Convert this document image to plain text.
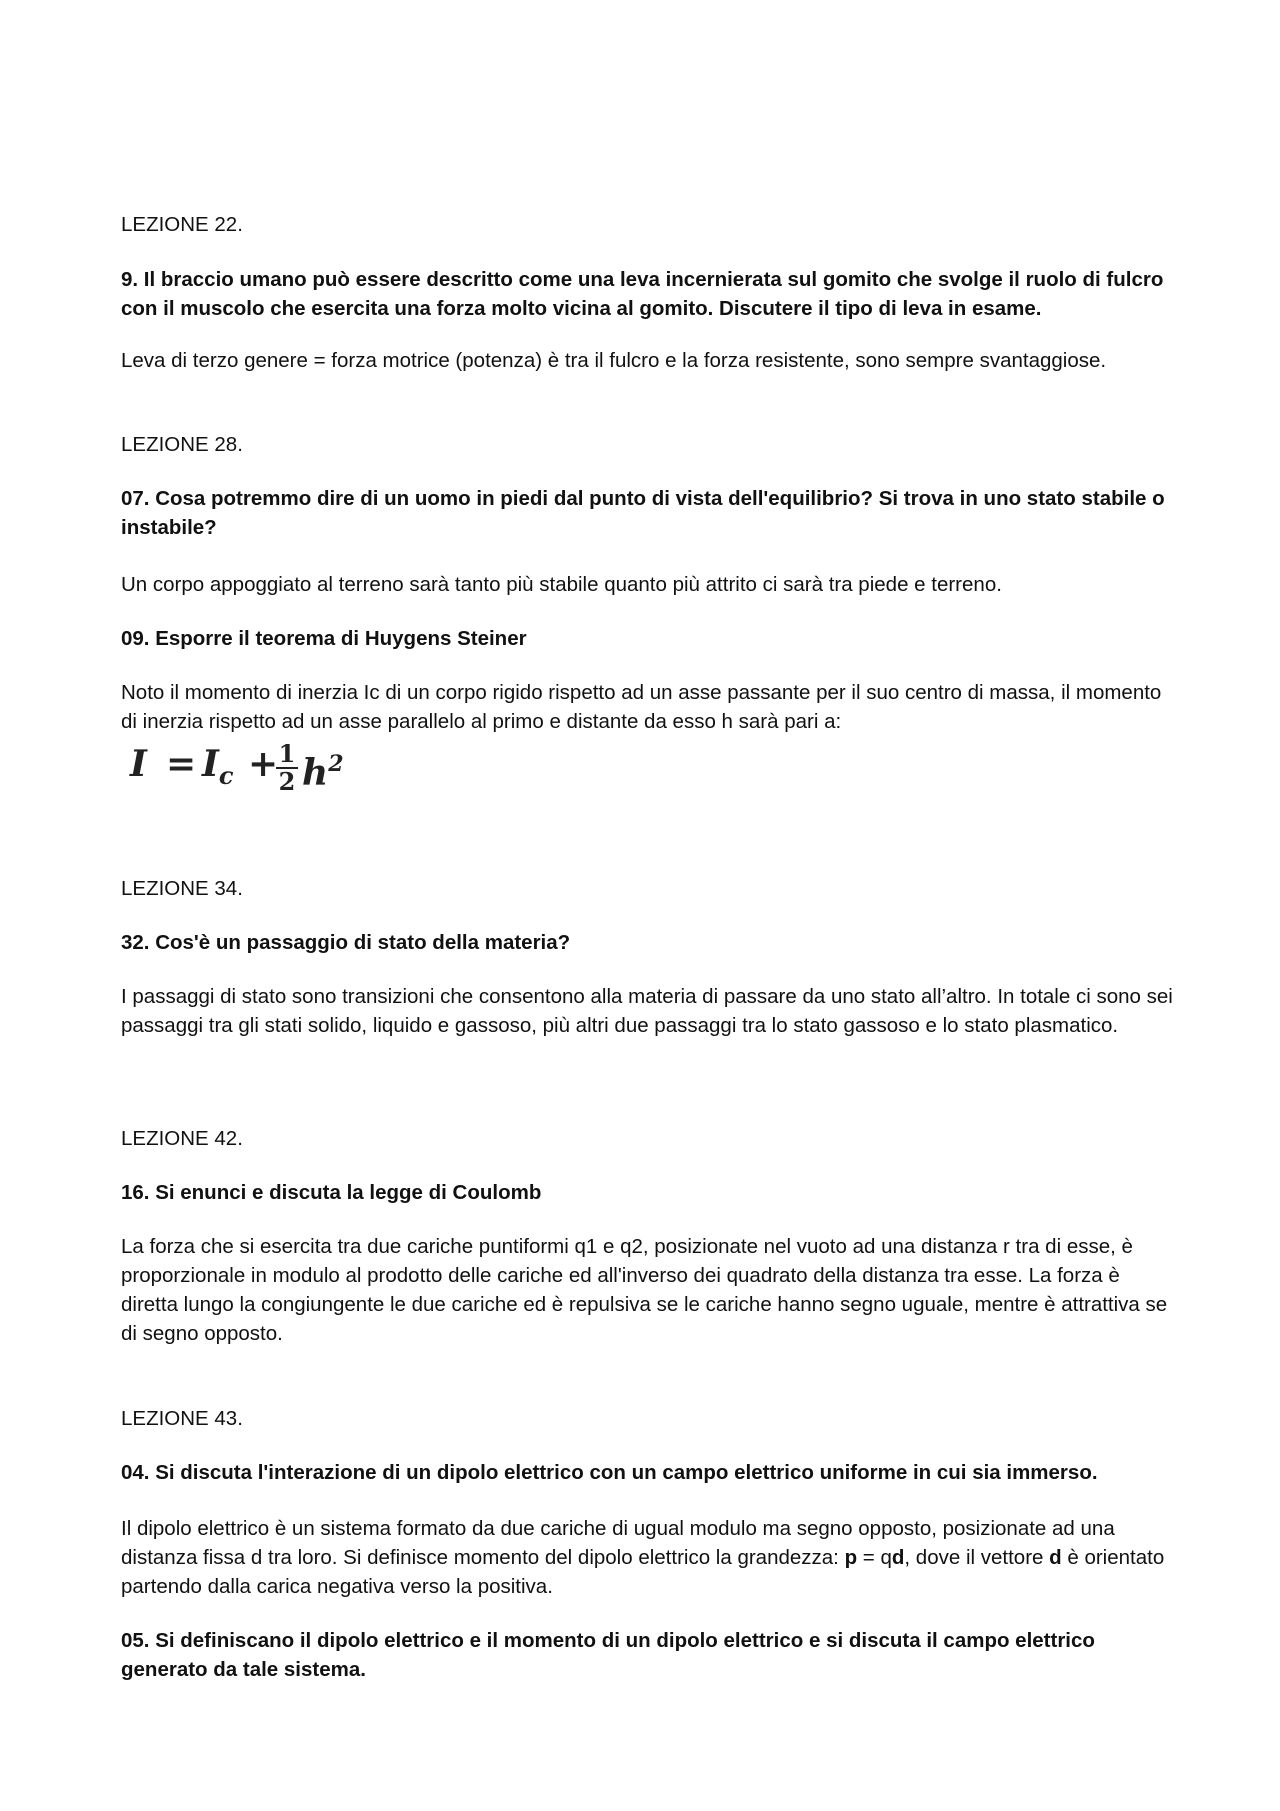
LEZIONE 22.

9. Il braccio umano può essere descritto come una leva incernierata sul gomito che svolge il ruolo di fulcro con il muscolo che esercita una forza molto vicina al gomito. Discutere il tipo di leva in esame.

Leva di terzo genere = forza motrice (potenza) è tra il fulcro e la forza resistente, sono sempre svantaggiose.

LEZIONE 28.

07. Cosa potremmo dire di un uomo in piedi dal punto di vista dell'equilibrio? Si trova in uno stato stabile o instabile?

Un corpo appoggiato al terreno sarà tanto più stabile quanto più attrito ci sarà tra piede e terreno.

09. Esporre il teorema di Huygens Steiner

Noto il momento di inerzia Ic di un corpo rigido rispetto ad un asse passante per il suo centro di massa, il momento di inerzia rispetto ad un asse parallelo al primo e distante da esso h sarà pari a:

$I = I_c + 1$
2 $h^2$

LEZIONE 34.

32. Cos'è un passaggio di stato della materia?

I passaggi di stato sono transizioni che consentono alla materia di passare da uno stato all’altro. In totale ci sono sei passaggi tra gli stati solido, liquido e gassoso, più altri due passaggi tra lo stato gassoso e lo stato plasmatico.

LEZIONE 42.

16. Si enunci e discuta la legge di Coulomb

La forza che si esercita tra due cariche puntiformi q1 e q2, posizionate nel vuoto ad una distanza r tra di esse, è proporzionale in modulo al prodotto delle cariche ed all'inverso dei quadrato della distanza tra esse. La forza è diretta lungo la congiungente le due cariche ed è repulsiva se le cariche hanno segno uguale, mentre è attrattiva se di segno opposto.

LEZIONE 43.

04. Si discuta l'interazione di un dipolo elettrico con un campo elettrico uniforme in cui sia immerso.

Il dipolo elettrico è un sistema formato da due cariche di ugual modulo ma segno opposto, posizionate ad una distanza fissa d tra loro. Si definisce momento del dipolo elettrico la grandezza: p = qd, dove il vettore d è orientato partendo dalla carica negativa verso la positiva.

05. Si definiscano il dipolo elettrico e il momento di un dipolo elettrico e si discuta il campo elettrico generato da tale sistema.
